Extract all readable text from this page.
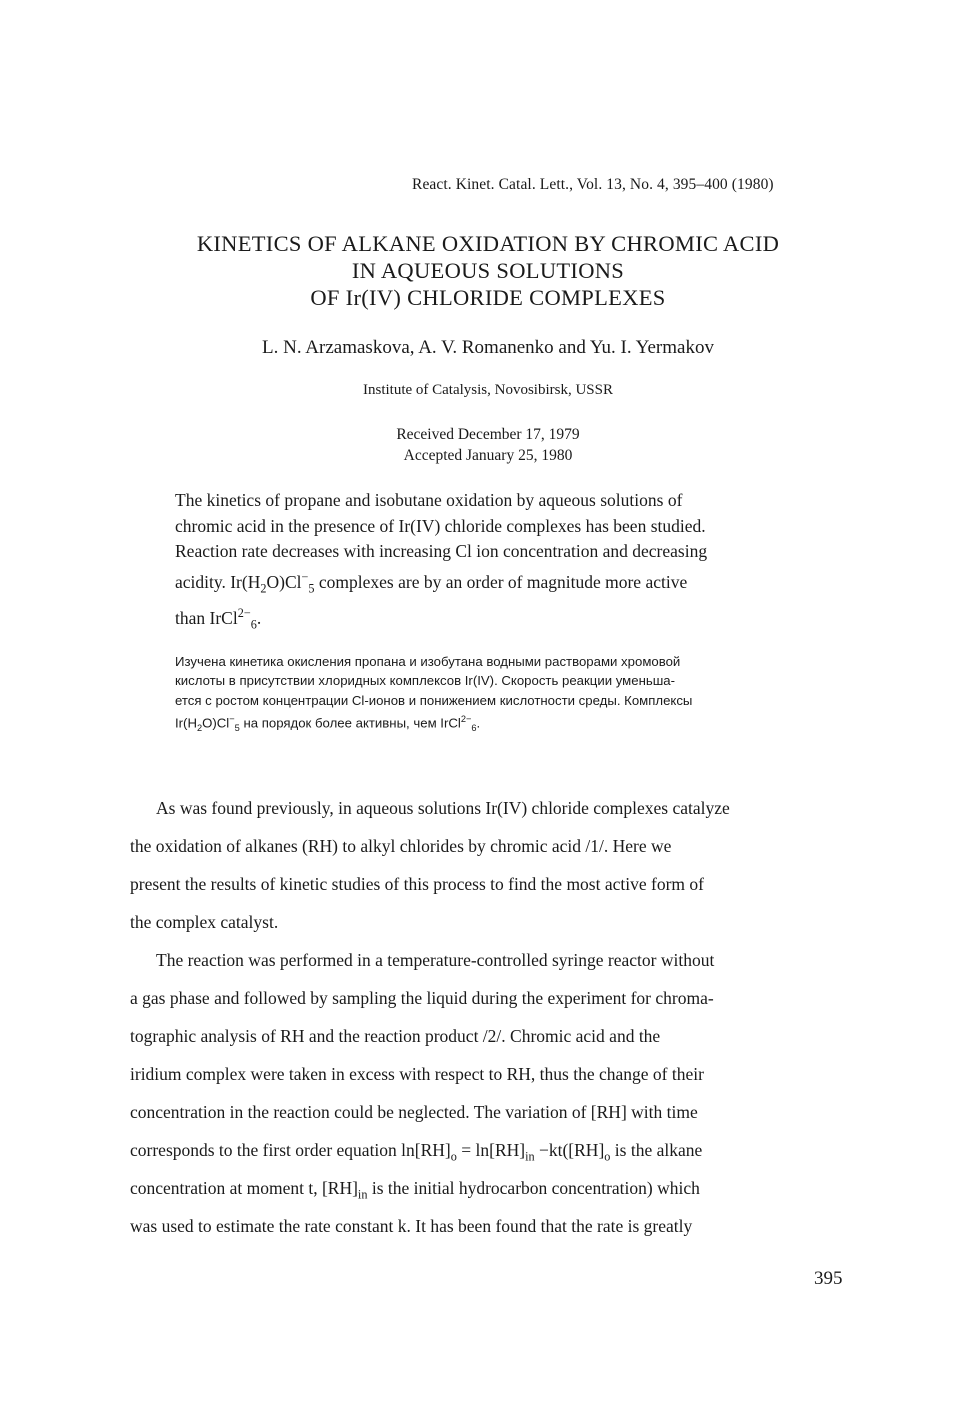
React. Kinet. Catal. Lett., Vol. 13, No. 4, 395–400 (1980)
KINETICS OF ALKANE OXIDATION BY CHROMIC ACID
IN AQUEOUS SOLUTIONS
OF Ir(IV) CHLORIDE COMPLEXES
L. N. Arzamaskova, A. V. Romanenko and Yu. I. Yermakov
Institute of Catalysis, Novosibirsk, USSR
Received December 17, 1979
Accepted January 25, 1980
The kinetics of propane and isobutane oxidation by aqueous solutions of
chromic acid in the presence of Ir(IV) chloride complexes has been studied.
Reaction rate decreases with increasing Cl ion concentration and decreasing
acidity. $Ir(H_2O)Cl^-_5$ complexes are by an order of magnitude more active
than IrCl$^{2-}_6$.
Изучена кинетика окисления пропана и изобутана водными растворами хромовой
кислоты в присутствии хлоридных комплексов Ir(IV). Скорость реакции уменьша-
ется с ростом концентрации Cl-ионов и понижением кислотности среды. Комплексы
$Ir(H_2O)Cl^-_5$ на порядок более активны, чем IrCl$^{2-}_6$.
As was found previously, in aqueous solutions Ir(IV) chloride complexes catalyze
the oxidation of alkanes (RH) to alkyl chlorides by chromic acid /1/. Here we
present the results of kinetic studies of this process to find the most active form of
the complex catalyst.
The reaction was performed in a temperature-controlled syringe reactor without
a gas phase and followed by sampling the liquid during the experiment for chroma-
tographic analysis of RH and the reaction product /2/. Chromic acid and the
iridium complex were taken in excess with respect to RH, thus the change of their
concentration in the reaction could be neglected. The variation of [RH] with time
corresponds to the first order equation $\ln[RH]_o = \ln[RH]_{in} -kt([RH]_o$ is the alkane
concentration at moment t, $[RH]_{in}$ is the initial hydrocarbon concentration) which
was used to estimate the rate constant k. It has been found that the rate is greatly
395
